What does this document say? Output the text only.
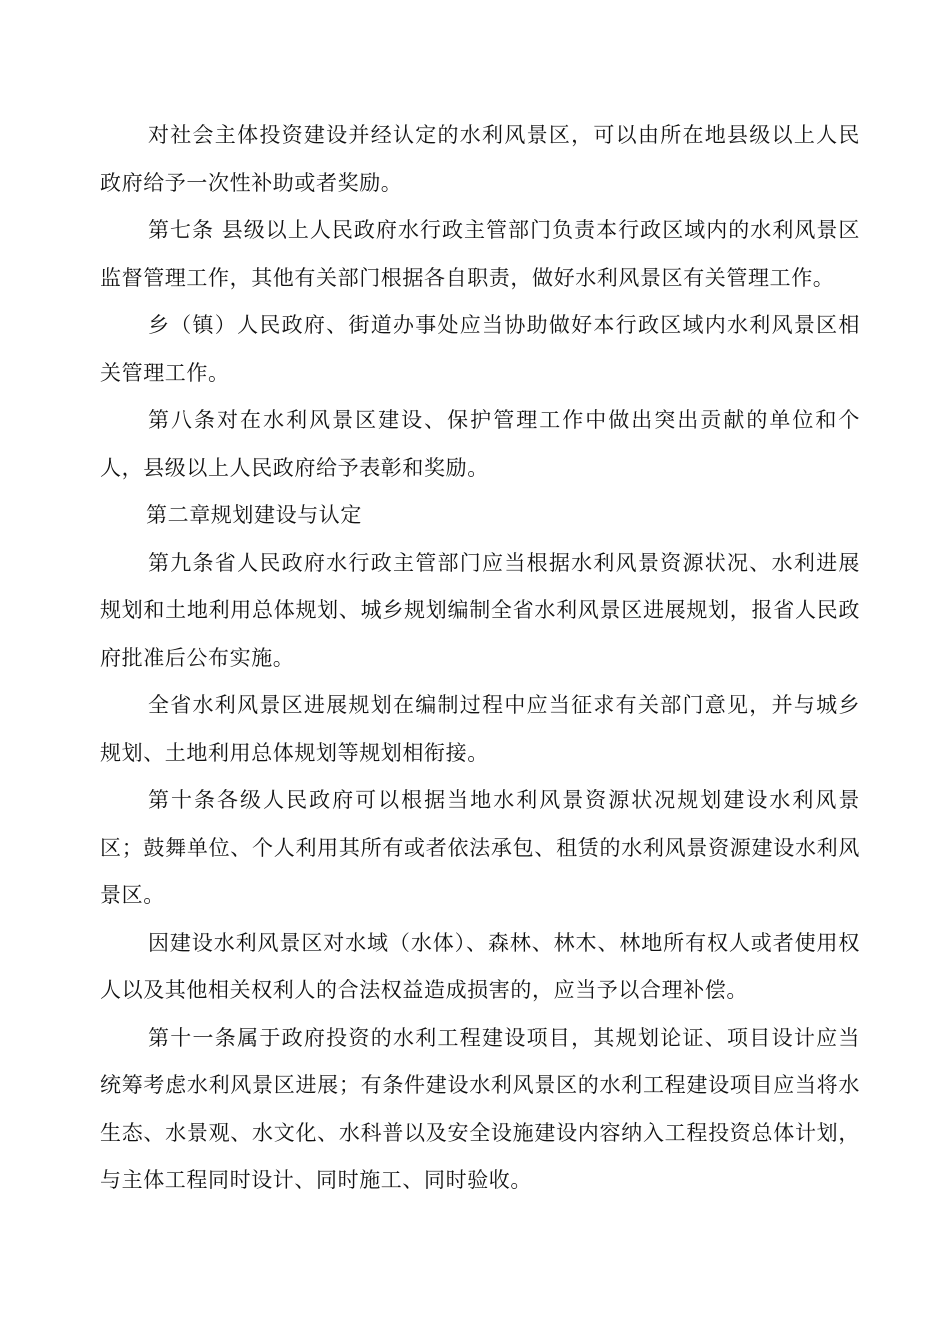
对社会主体投资建设并经认定的水利风景区，可以由所在地县级以上人民政府给予一次性补助或者奖励。

第七条 县级以上人民政府水行政主管部门负责本行政区域内的水利风景区监督管理工作，其他有关部门根据各自职责，做好水利风景区有关管理工作。

乡（镇）人民政府、街道办事处应当协助做好本行政区域内水利风景区相关管理工作。

第八条对在水利风景区建设、保护管理工作中做出突出贡献的单位和个人，县级以上人民政府给予表彰和奖励。

第二章规划建设与认定

第九条省人民政府水行政主管部门应当根据水利风景资源状况、水利进展规划和土地利用总体规划、城乡规划编制全省水利风景区进展规划，报省人民政府批准后公布实施。

全省水利风景区进展规划在编制过程中应当征求有关部门意见，并与城乡规划、土地利用总体规划等规划相衔接。

第十条各级人民政府可以根据当地水利风景资源状况规划建设水利风景区；鼓舞单位、个人利用其所有或者依法承包、租赁的水利风景资源建设水利风景区。

因建设水利风景区对水域（水体）、森林、林木、林地所有权人或者使用权人以及其他相关权利人的合法权益造成损害的，应当予以合理补偿。

第十一条属于政府投资的水利工程建设项目，其规划论证、项目设计应当统筹考虑水利风景区进展；有条件建设水利风景区的水利工程建设项目应当将水生态、水景观、水文化、水科普以及安全设施建设内容纳入工程投资总体计划，与主体工程同时设计、同时施工、同时验收。
